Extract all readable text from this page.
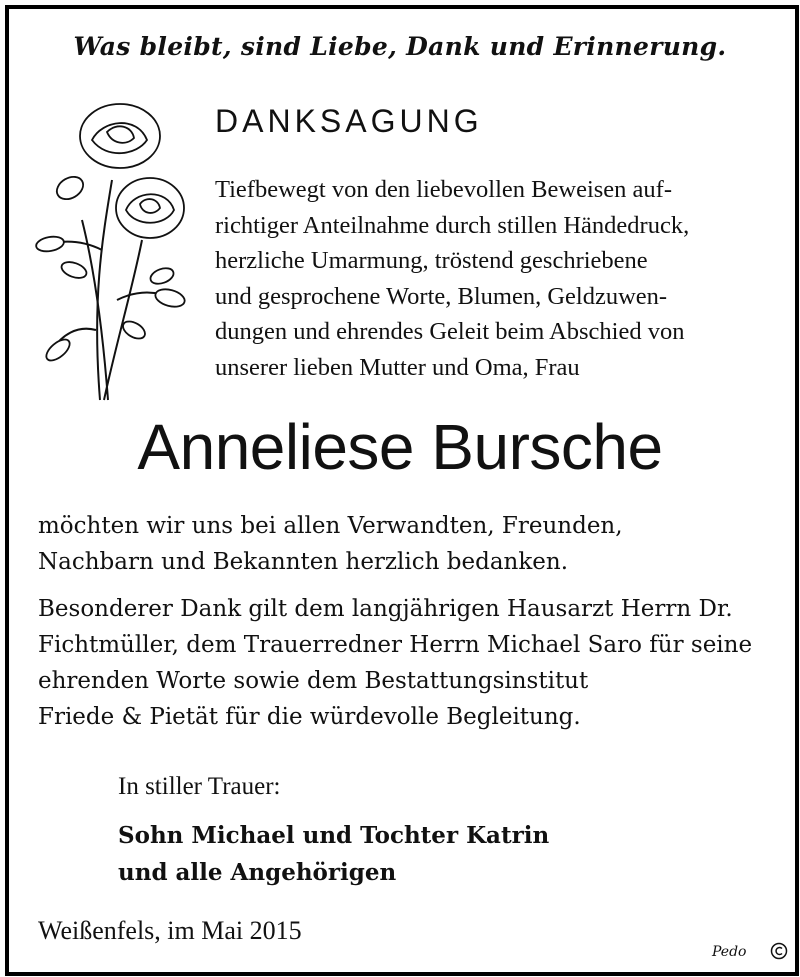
Was bleibt, sind Liebe, Dank und Erinnerung.
DANKSAGUNG
Tiefbewegt von den liebevollen Beweisen auf-
richtiger Anteilnahme durch stillen Händedruck,
herzliche Umarmung, tröstend geschriebene
und gesprochene Worte, Blumen, Geldzuwen-
dungen und ehrendes Geleit beim Abschied von
unserer lieben Mutter und Oma, Frau
Anneliese Bursche
möchten wir uns bei allen Verwandten, Freunden,
Nachbarn und Bekannten herzlich bedanken.
Besonderer Dank gilt dem langjährigen Hausarzt Herrn Dr.
Fichtmüller, dem Trauerredner Herrn Michael Saro für seine
ehrenden Worte sowie dem Bestattungsinstitut
Friede & Pietät für die würdevolle Begleitung.
In stiller Trauer:
Sohn Michael und Tochter Katrin
und alle Angehörigen
Weißenfels, im Mai 2015
Pedo
